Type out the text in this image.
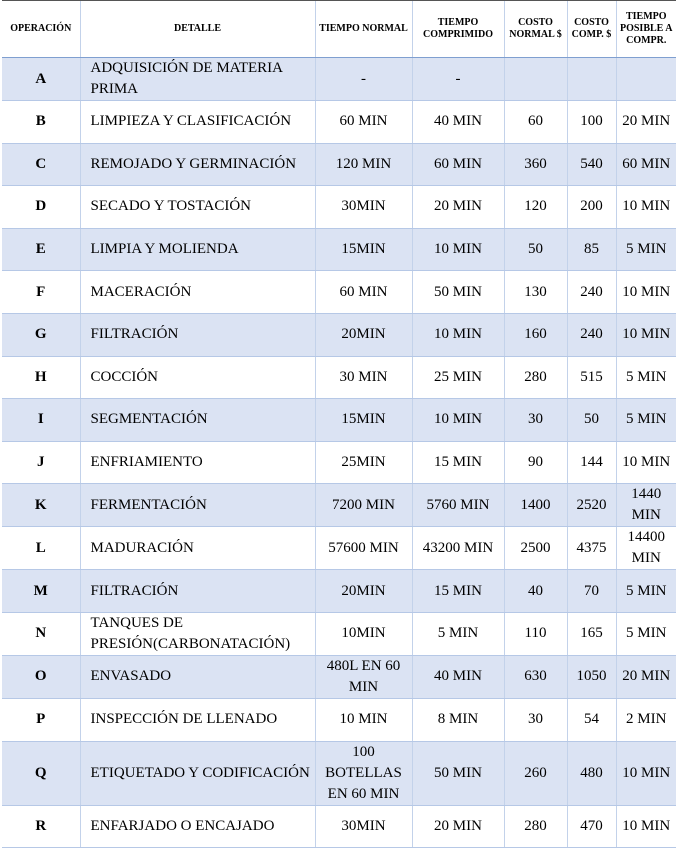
OPERACIÓN	DETALLE	TIEMPO NORMAL	TIEMPO COMPRIMIDO	COSTO NORMAL $	COSTO COMP. $	TIEMPO POSIBLE A COMPR.
A	ADQUISICIÓN DE MATERIA PRIMA	-	-			
B	LIMPIEZA Y CLASIFICACIÓN	60 MIN	40 MIN	60	100	20 MIN
C	REMOJADO Y GERMINACIÓN	120 MIN	60 MIN	360	540	60 MIN
D	SECADO Y TOSTACIÓN	30MIN	20 MIN	120	200	10 MIN
E	LIMPIA Y MOLIENDA	15MIN	10 MIN	50	85	5 MIN
F	MACERACIÓN	60 MIN	50 MIN	130	240	10 MIN
G	FILTRACIÓN	20MIN	10 MIN	160	240	10 MIN
H	COCCIÓN	30 MIN	25 MIN	280	515	5 MIN
I	SEGMENTACIÓN	15MIN	10 MIN	30	50	5 MIN
J	ENFRIAMIENTO	25MIN	15 MIN	90	144	10 MIN
K	FERMENTACIÓN	7200 MIN	5760 MIN	1400	2520	1440 MIN
L	MADURACIÓN	57600 MIN	43200 MIN	2500	4375	14400 MIN
M	FILTRACIÓN	20MIN	15 MIN	40	70	5 MIN
N	TANQUES DE PRESIÓN(CARBONATACIÓN)	10MIN	5 MIN	110	165	5 MIN
O	ENVASADO	480L EN 60 MIN	40 MIN	630	1050	20 MIN
P	INSPECCIÓN DE LLENADO	10 MIN	8 MIN	30	54	2 MIN
Q	ETIQUETADO Y CODIFICACIÓN	100 BOTELLAS EN 60 MIN	50 MIN	260	480	10 MIN
R	ENFARJADO O ENCAJADO	30MIN	20 MIN	280	470	10 MIN
